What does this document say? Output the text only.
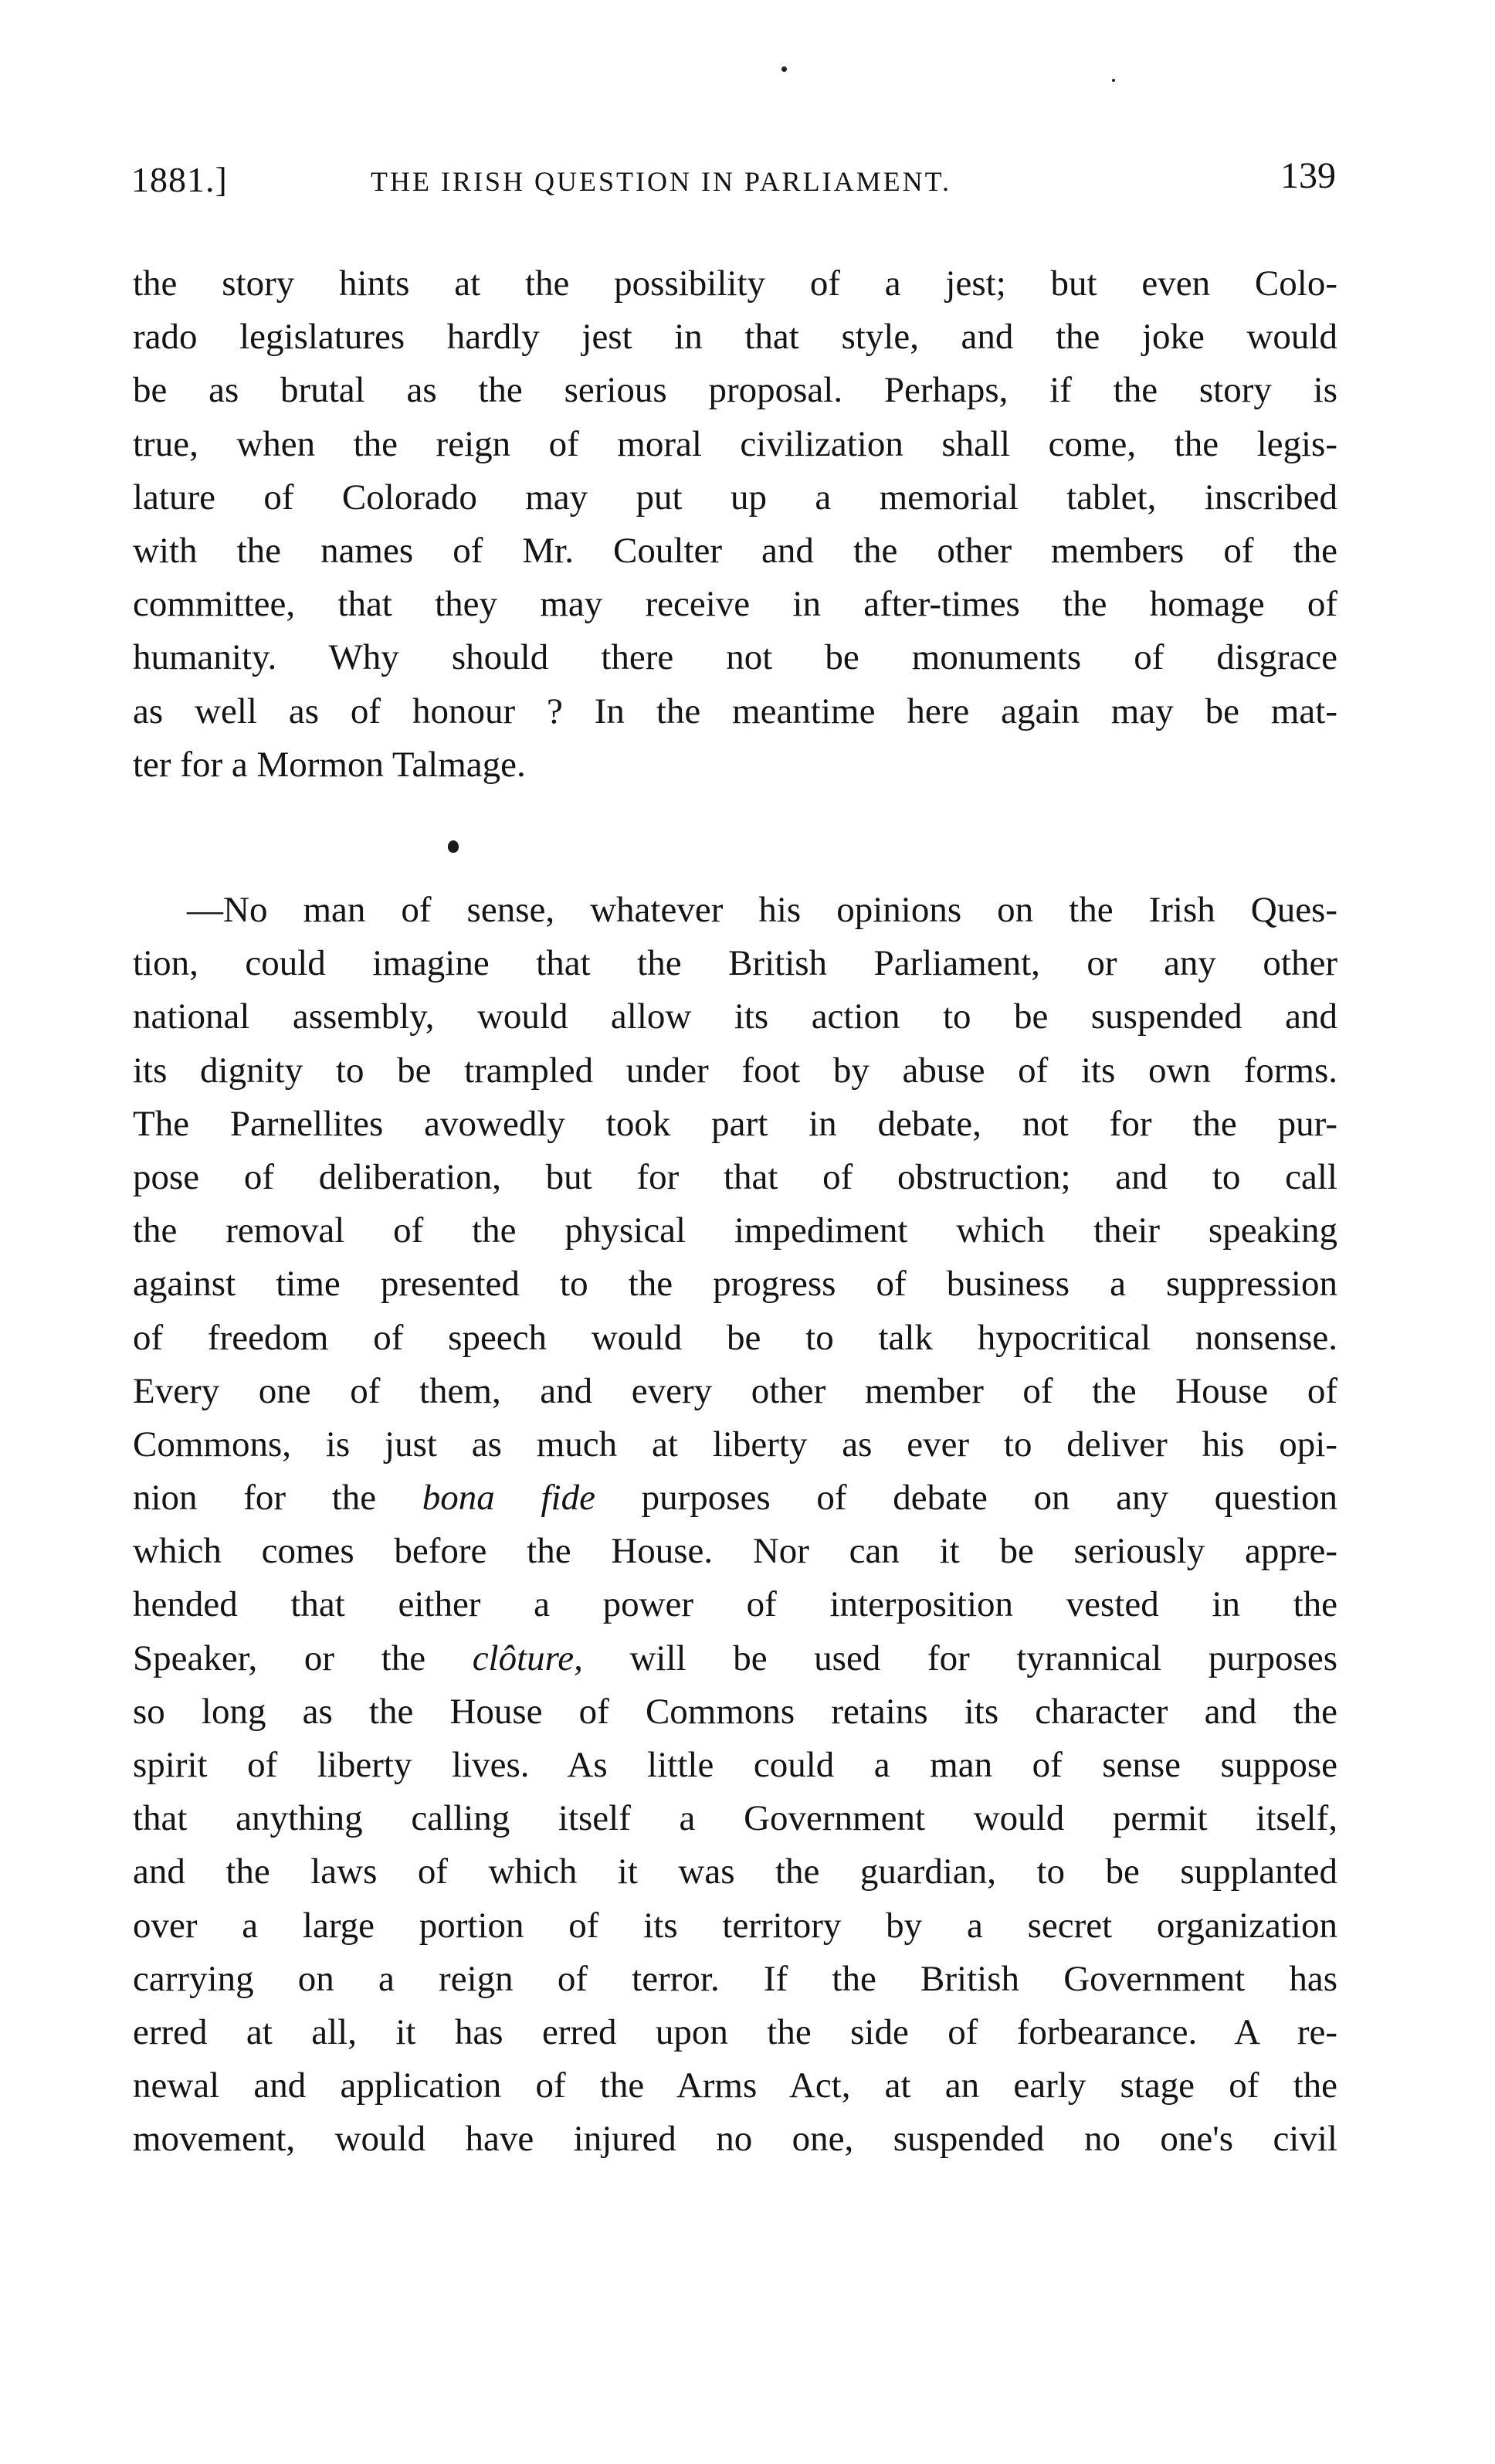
1881.]	THE IRISH QUESTION IN PARLIAMENT.	139
the story hints at the possibility of a jest; but even Colo-
rado legislatures hardly jest in that style, and the joke would
be as brutal as the serious proposal. Perhaps, if the story is
true, when the reign of moral civilization shall come, the legis-
lature of Colorado may put up a memorial tablet, inscribed
with the names of Mr. Coulter and the other members of the
committee, that they may receive in after-times the homage of
humanity. Why should there not be monuments of disgrace
as well as of honour ? In the meantime here again may be mat-
ter for a Mormon Talmage.
—No man of sense, whatever his opinions on the Irish Ques-
tion, could imagine that the British Parliament, or any other
national assembly, would allow its action to be suspended and
its dignity to be trampled under foot by abuse of its own forms.
The Parnellites avowedly took part in debate, not for the pur-
pose of deliberation, but for that of obstruction; and to call
the removal of the physical impediment which their speaking
against time presented to the progress of business a suppression
of freedom of speech would be to talk hypocritical nonsense.
Every one of them, and every other member of the House of
Commons, is just as much at liberty as ever to deliver his opi-
nion for the bona fide purposes of debate on any question
which comes before the House. Nor can it be seriously appre-
hended that either a power of interposition vested in the
Speaker, or the clôture, will be used for tyrannical purposes
so long as the House of Commons retains its character and the
spirit of liberty lives. As little could a man of sense suppose
that anything calling itself a Government would permit itself,
and the laws of which it was the guardian, to be supplanted
over a large portion of its territory by a secret organization
carrying on a reign of terror. If the British Government has
erred at all, it has erred upon the side of forbearance. A re-
newal and application of the Arms Act, at an early stage of the
movement, would have injured no one, suspended no one's civil
